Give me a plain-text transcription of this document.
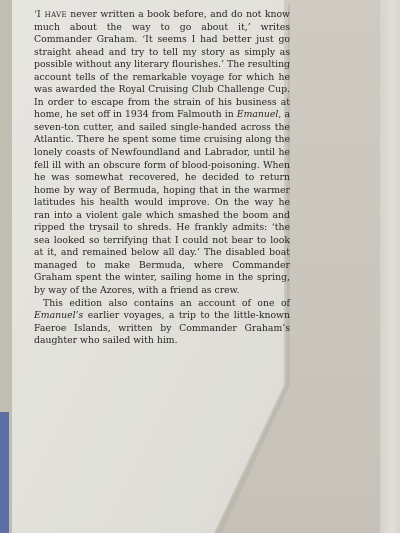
‘I have never written a book before, and do not know much about the way to go about it,’ writes Commander Graham. ‘It seems I had better just go straight ahead and try to tell my story as simply as possible without any literary flourishes.’ The resulting account tells of the remarkable voyage for which he was awarded the Royal Cruising Club Challenge Cup. In order to escape from the strain of his business at home, he set off in 1934 from Falmouth in Emanuel, a seven-ton cutter, and sailed single-handed across the Atlantic. There he spent some time cruising along the lonely coasts of Newfoundland and Labrador, until he fell ill with an obscure form of blood-poisoning. When he was somewhat recovered, he decided to return home by way of Bermuda, hoping that in the warmer latitudes his health would improve. On the way he ran into a violent gale which smashed the boom and ripped the trysail to shreds. He frankly admits: ‘the sea looked so terrifying that I could not bear to look at it, and remained below all day.’ The disabled boat managed to make Bermuda, where Commander Graham spent the winter, sailing home in the spring, by way of the Azores, with a friend as crew.

This edition also contains an account of one of Emanuel’s earlier voyages, a trip to the little-known Faeroe Islands, written by Commander Graham’s daughter who sailed with him.
